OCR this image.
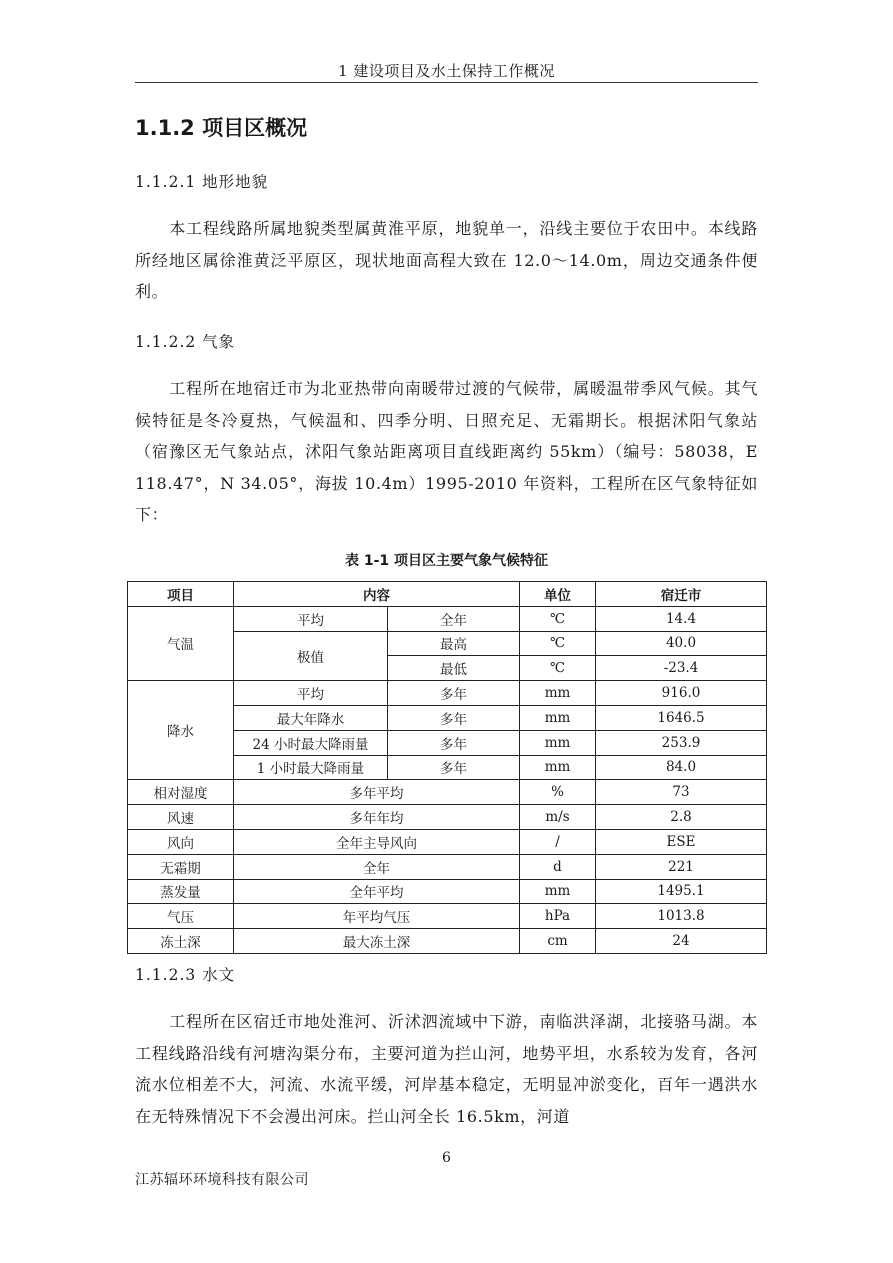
1 建设项目及水土保持工作概况
1.1.2 项目区概况
1.1.2.1 地形地貌

本工程线路所属地貌类型属黄淮平原，地貌单一，沿线主要位于农田中。本线路所经地区属徐淮黄泛平原区，现状地面高程大致在 12.0～14.0m，周边交通条件便利。

1.1.2.2 气象

工程所在地宿迁市为北亚热带向南暖带过渡的气候带，属暖温带季风气候。其气候特征是冬冷夏热，气候温和、四季分明、日照充足、无霜期长。根据沭阳气象站（宿豫区无气象站点，沭阳气象站距离项目直线距离约 55km）（编号：58038，E 118.47°，N 34.05°，海拔 10.4m）1995-2010 年资料，工程所在区气象特征如下：

表 1-1 项目区主要气象气候特征
项目	内容		单位	宿迁市
气温	平均	全年	℃	14.4
	极值	最高	℃	40.0
		最低	℃	-23.4
降水	平均	多年	mm	916.0
	最大年降水	多年	mm	1646.5
	24 小时最大降雨量	多年	mm	253.9
	1 小时最大降雨量	多年	mm	84.0
相对湿度	多年平均		%	73
风速	多年年均		m/s	2.8
风向	全年主导风向		/	ESE
无霜期	全年		d	221
蒸发量	全年平均		mm	1495.1
气压	年平均气压		hPa	1013.8
冻土深	最大冻土深		cm	24
1.1.2.3 水文

工程所在区宿迁市地处淮河、沂沭泗流域中下游，南临洪泽湖，北接骆马湖。本工程线路沿线有河塘沟渠分布，主要河道为拦山河，地势平坦，水系较为发育，各河流水位相差不大，河流、水流平缓，河岸基本稳定，无明显冲淤变化，百年一遇洪水在无特殊情况下不会漫出河床。拦山河全长 16.5km，河道

6
江苏辐环环境科技有限公司
